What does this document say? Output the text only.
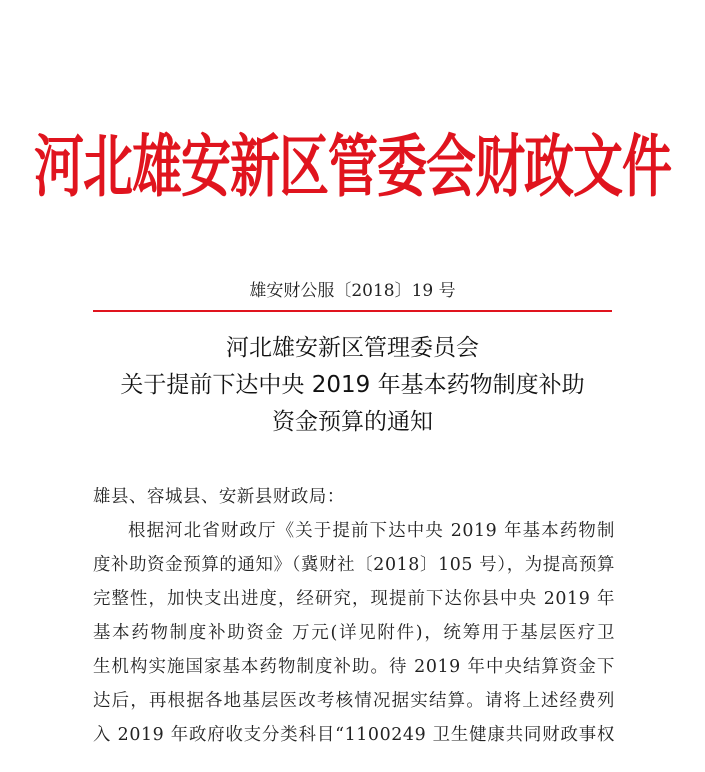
河北雄安新区管委会财政文件
雄安财公服〔2018〕19 号
河北雄安新区管理委员会
关于提前下达中央 2019 年基本药物制度补助
资金预算的通知
雄县、容城县、安新县财政局：
根据河北省财政厅《关于提前下达中央 2019 年基本药物制
度补助资金预算的通知》（冀财社〔2018〕105 号），为提高预算
完整性，加快支出进度，经研究，现提前下达你县中央 2019 年
基本药物制度补助资金 万元(详见附件)，统筹用于基层医疗卫
生机构实施国家基本药物制度补助。待 2019 年中央结算资金下
达后，再根据各地基层医改考核情况据实结算。请将上述经费列
入 2019 年政府收支分类科目“1100249 卫生健康共同财政事权
